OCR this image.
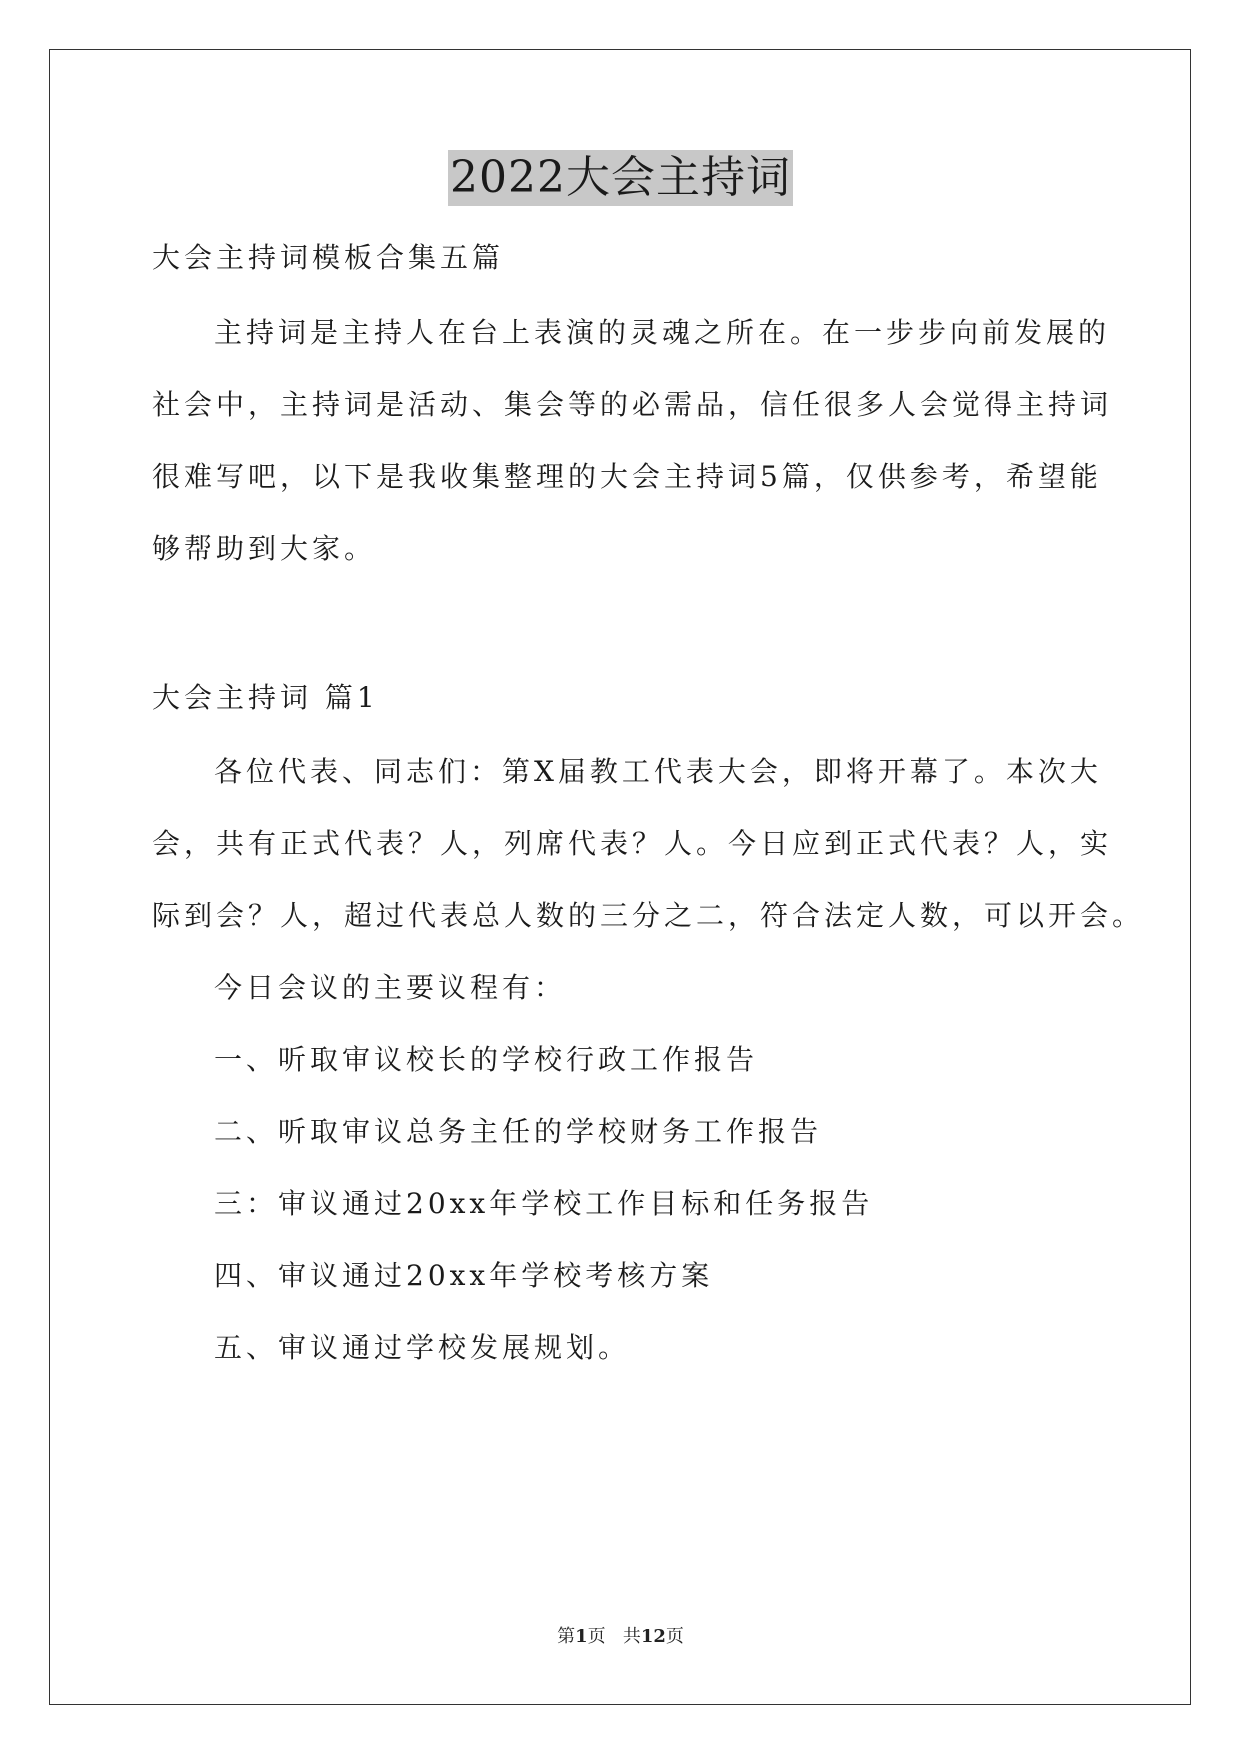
2022大会主持词
大会主持词模板合集五篇
主持词是主持人在台上表演的灵魂之所在。在一步步向前发展的
社会中，主持词是活动、集会等的必需品，信任很多人会觉得主持词
很难写吧，以下是我收集整理的大会主持词5篇，仅供参考，希望能
够帮助到大家。
大会主持词 篇1
各位代表、同志们：第X届教工代表大会，即将开幕了。本次大
会，共有正式代表？人，列席代表？人。今日应到正式代表？人，实
际到会？人，超过代表总人数的三分之二，符合法定人数，可以开会。
今日会议的主要议程有：
一、听取审议校长的学校行政工作报告
二、听取审议总务主任的学校财务工作报告
三：审议通过20xx年学校工作目标和任务报告
四、审议通过20xx年学校考核方案
五、审议通过学校发展规划。
第1页 共12页
